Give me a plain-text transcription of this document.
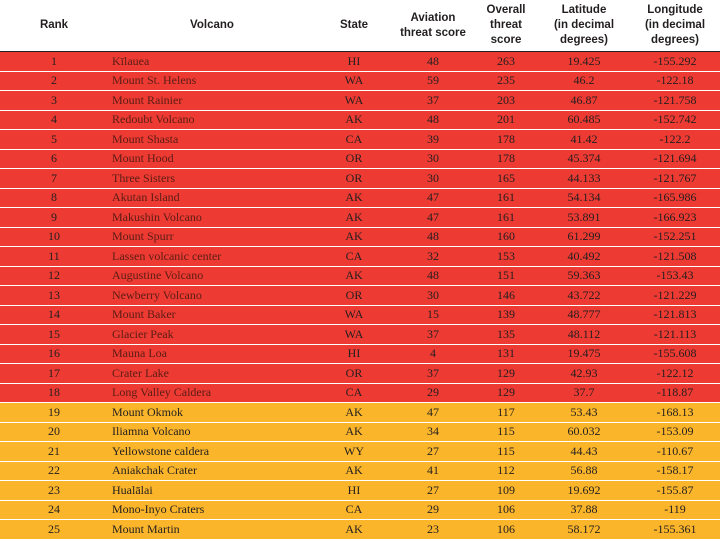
Rank	Volcano	State	Aviation
threat score	Overall
threat
score	Latitude
(in decimal
degrees)	Longitude
(in decimal
degrees)

1	Kīlauea	HI	48	263	19.425	-155.292
2	Mount St. Helens	WA	59	235	46.2	-122.18
3	Mount Rainier	WA	37	203	46.87	-121.758
4	Redoubt Volcano	AK	48	201	60.485	-152.742
5	Mount Shasta	CA	39	178	41.42	-122.2
6	Mount Hood	OR	30	178	45.374	-121.694
7	Three Sisters	OR	30	165	44.133	-121.767
8	Akutan Island	AK	47	161	54.134	-165.986
9	Makushin Volcano	AK	47	161	53.891	-166.923
10	Mount Spurr	AK	48	160	61.299	-152.251
11	Lassen volcanic center	CA	32	153	40.492	-121.508
12	Augustine Volcano	AK	48	151	59.363	-153.43
13	Newberry Volcano	OR	30	146	43.722	-121.229
14	Mount Baker	WA	15	139	48.777	-121.813
15	Glacier Peak	WA	37	135	48.112	-121.113
16	Mauna Loa	HI	4	131	19.475	-155.608
17	Crater Lake	OR	37	129	42.93	-122.12
18	Long Valley Caldera	CA	29	129	37.7	-118.87
19	Mount Okmok	AK	47	117	53.43	-168.13
20	Iliamna Volcano	AK	34	115	60.032	-153.09
21	Yellowstone caldera	WY	27	115	44.43	-110.67
22	Aniakchak Crater	AK	41	112	56.88	-158.17
23	Hualālai	HI	27	109	19.692	-155.87
24	Mono-Inyo Craters	CA	29	106	37.88	-119
25	Mount Martin	AK	23	106	58.172	-155.361
